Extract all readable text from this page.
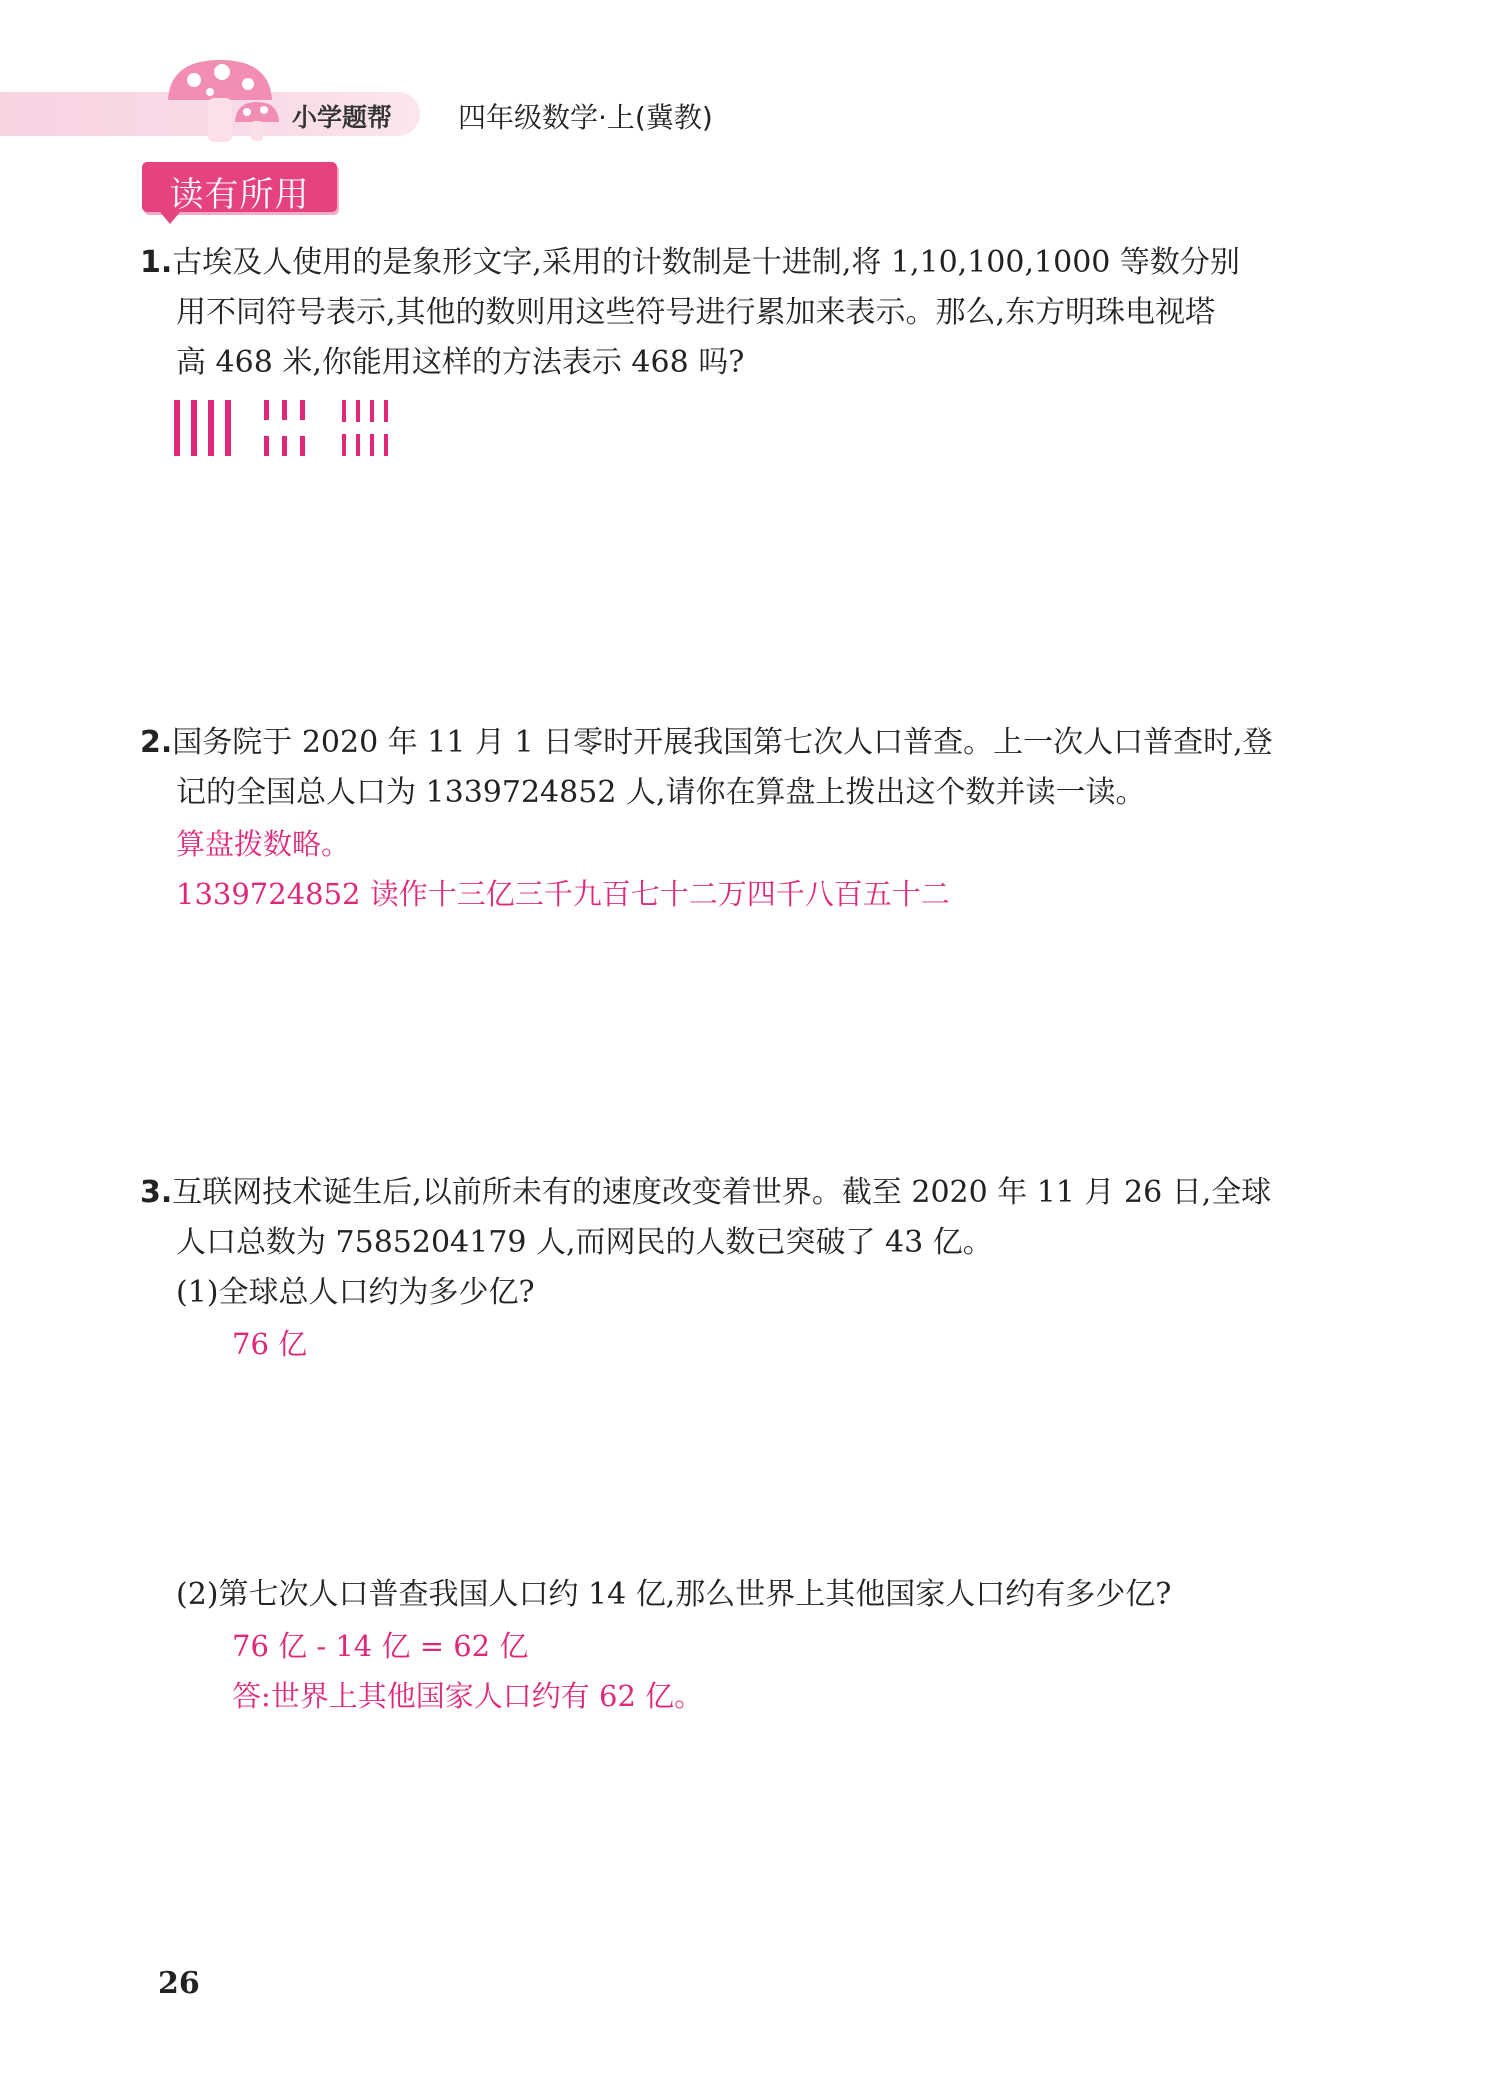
小学题帮 四年级数学·上(冀教)
读有所用
1.古埃及人使用的是象形文字,采用的计数制是十进制,将 1,10,100,1000 等数分别
用不同符号表示,其他的数则用这些符号进行累加来表示。那么,东方明珠电视塔
高 468 米,你能用这样的方法表示 468 吗?
2.国务院于 2020 年 11 月 1 日零时开展我国第七次人口普查。上一次人口普查时,登
记的全国总人口为 1339724852 人,请你在算盘上拨出这个数并读一读。
算盘拨数略。
1339724852 读作十三亿三千九百七十二万四千八百五十二
3.互联网技术诞生后,以前所未有的速度改变着世界。截至 2020 年 11 月 26 日,全球
人口总数为 7585204179 人,而网民的人数已突破了 43 亿。
(1)全球总人口约为多少亿?
76 亿
(2)第七次人口普查我国人口约 14 亿,那么世界上其他国家人口约有多少亿?
76 亿 - 14 亿 = 62 亿
答:世界上其他国家人口约有 62 亿。
26
